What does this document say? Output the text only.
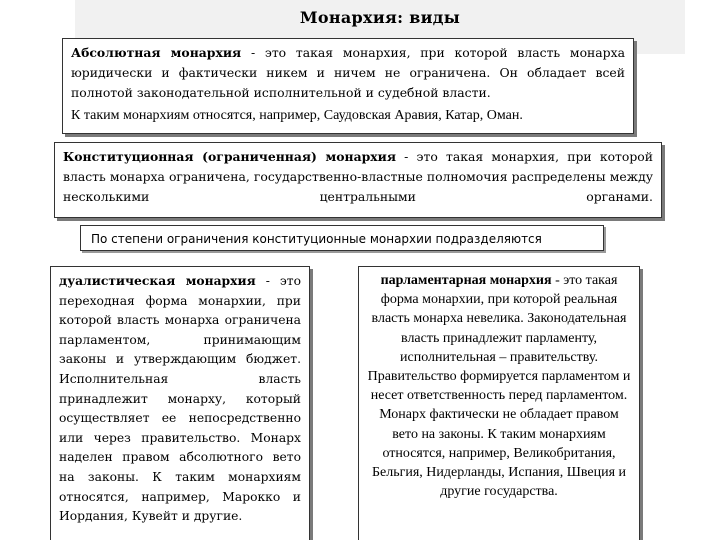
Монархия: виды

Абсолютная монархия - это такая монархия, при которой власть монарха юридически и фактически никем и ничем не ограничена. Он обладает всей полнотой законодательной исполнительной и судебной власти.

К таким монархиям относятся, например, Саудовская Аравия, Катар, Оман.

Конституционная (ограниченная) монархия - это такая монархия, при которой власть монарха ограничена, государственно-властные полномочия распределены между несколькими центральными органами.

По степени ограничения конституционные монархии подразделяются

дуалистическая монархия - это переходная форма монархии, при которой власть монарха ограничена парламентом, принимающим законы и утверждающим бюджет. Исполнительная власть принадлежит монарху, который осуществляет ее непосредственно или через правительство. Монарх наделен правом абсолютного вето на законы. К таким монархиям относятся, например, Марокко и Иордания, Кувейт и другие.

парламентарная монархия - это такая форма монархии, при которой реальная власть монарха невелика. Законодательная власть принадлежит парламенту, исполнительная – правительству. Правительство формируется парламентом и несет ответственность перед парламентом. Монарх фактически не обладает правом вето на законы. К таким монархиям относятся, например, Великобритания, Бельгия, Нидерланды, Испания, Швеция и другие государства.
